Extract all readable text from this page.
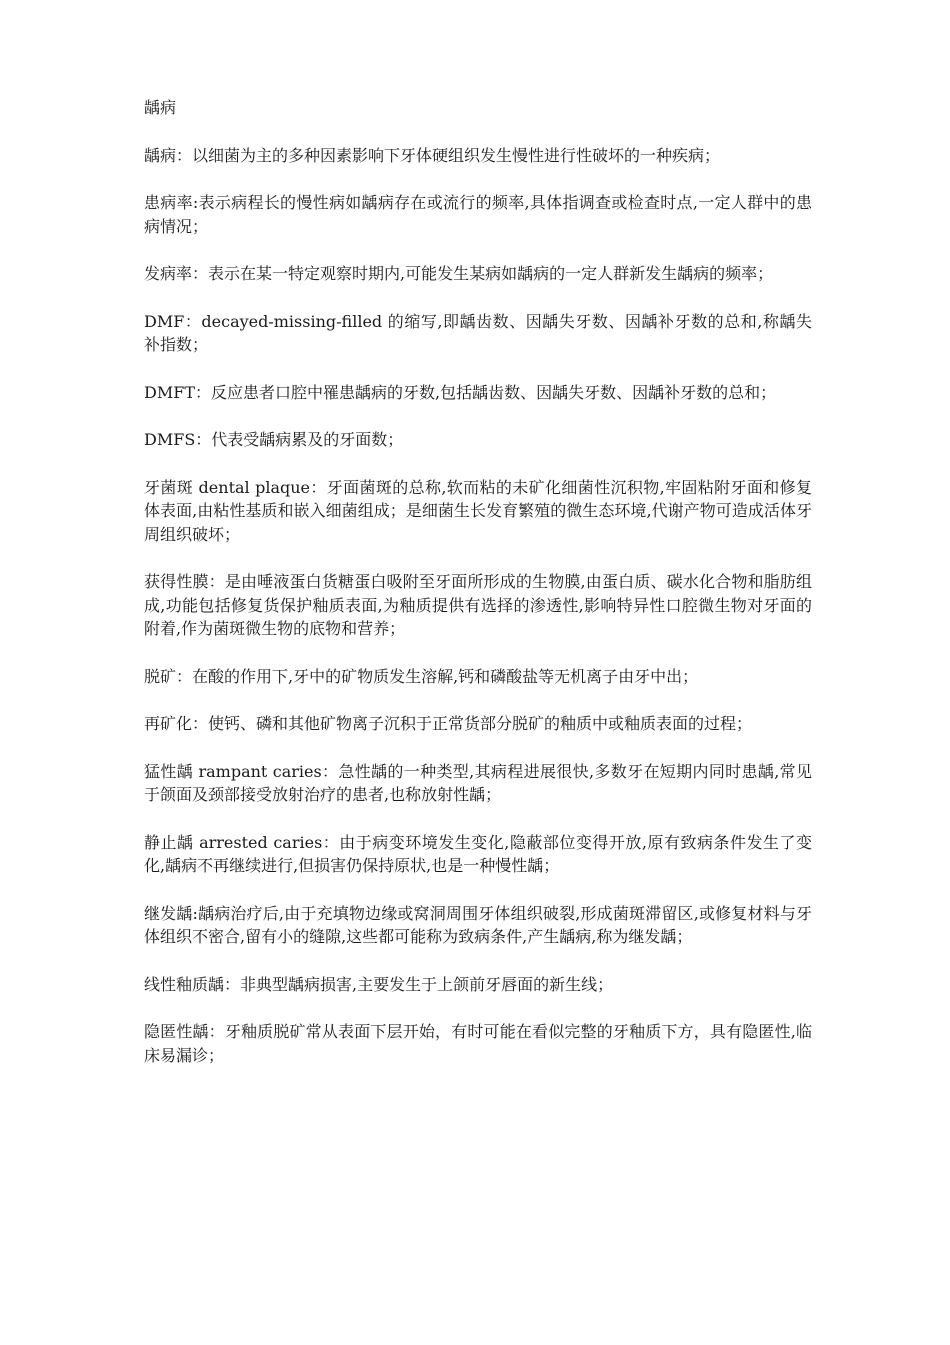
龋病

龋病：以细菌为主的多种因素影响下牙体硬组织发生慢性进行性破坏的一种疾病；

患病率:表示病程长的慢性病如龋病存在或流行的频率,具体指调查或检查时点,一定人群中的患病情况；

发病率：表示在某一特定观察时期内,可能发生某病如龋病的一定人群新发生龋病的频率；

DMF：decayed-missing-filled 的缩写,即龋齿数、因龋失牙数、因龋补牙数的总和,称龋失补指数；

DMFT：反应患者口腔中罹患龋病的牙数,包括龋齿数、因龋失牙数、因龋补牙数的总和；

DMFS：代表受龋病累及的牙面数；

牙菌斑 dental plaque：牙面菌斑的总称,软而粘的未矿化细菌性沉积物,牢固粘附牙面和修复体表面,由粘性基质和嵌入细菌组成；是细菌生长发育繁殖的微生态环境,代谢产物可造成活体牙周组织破坏；

获得性膜：是由唾液蛋白货糖蛋白吸附至牙面所形成的生物膜,由蛋白质、碳水化合物和脂肪组成,功能包括修复货保护釉质表面,为釉质提供有选择的渗透性,影响特异性口腔微生物对牙面的附着,作为菌斑微生物的底物和营养；

脱矿：在酸的作用下,牙中的矿物质发生溶解,钙和磷酸盐等无机离子由牙中出；

再矿化：使钙、磷和其他矿物离子沉积于正常货部分脱矿的釉质中或釉质表面的过程；

猛性龋 rampant caries：急性龋的一种类型,其病程进展很快,多数牙在短期内同时患龋,常见于颌面及颈部接受放射治疗的患者,也称放射性龋；

静止龋 arrested caries：由于病变环境发生变化,隐蔽部位变得开放,原有致病条件发生了变化,龋病不再继续进行,但损害仍保持原状,也是一种慢性龋；

继发龋:龋病治疗后,由于充填物边缘或窝洞周围牙体组织破裂,形成菌斑滞留区,或修复材料与牙体组织不密合,留有小的缝隙,这些都可能称为致病条件,产生龋病,称为继发龋；

线性釉质龋：非典型龋病损害,主要发生于上颌前牙唇面的新生线；

隐匿性龋：牙釉质脱矿常从表面下层开始，有时可能在看似完整的牙釉质下方，具有隐匿性,临床易漏诊；
